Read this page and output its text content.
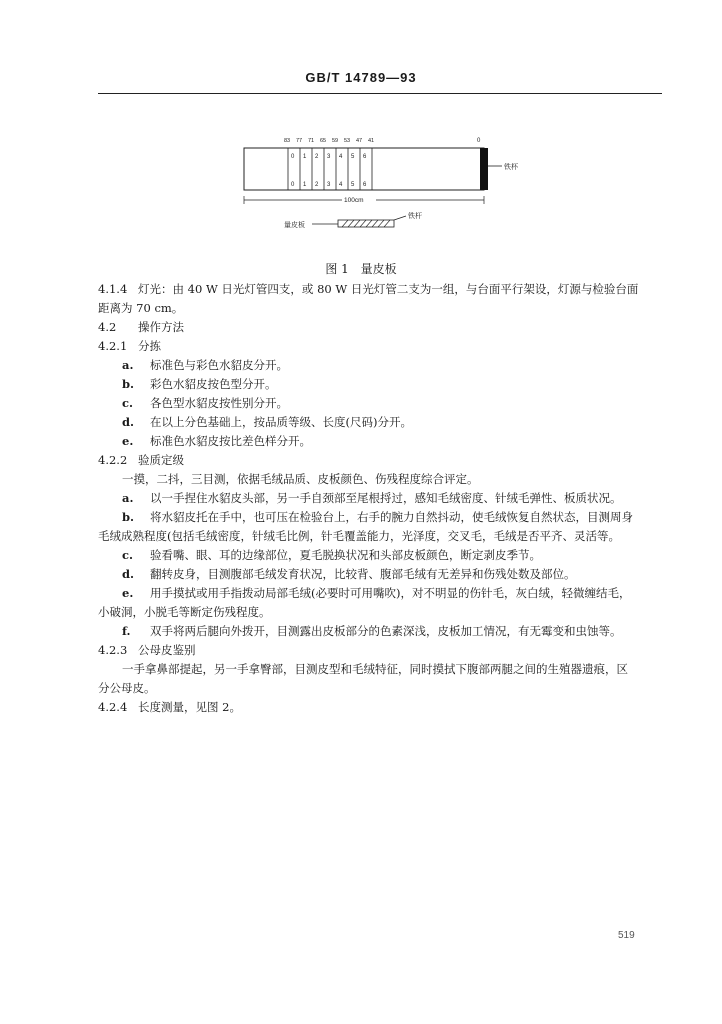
GB/T 14789—93
83 77 71 65 59 53 47 41	0
0 1 2 3 4 5 6
0 1 2 3 4 5 6
铁杯
100cm
量皮板
铁杆
图 1 量皮板

4.1.4 灯光：由 40 W 日光灯管四支，或 80 W 日光灯管二支为一组，与台面平行架设，灯源与检验台面

距离为 70 cm。

4.2 操作方法

4.2.1 分拣

a. 标准色与彩色水貂皮分开。

b. 彩色水貂皮按色型分开。

c. 各色型水貂皮按性别分开。

d. 在以上分色基础上，按品质等级、长度(尺码)分开。

e. 标准色水貂皮按比差色样分开。

4.2.2 验质定级

一摸，二抖，三目测，依据毛绒品质、皮板颜色、伤残程度综合评定。

a. 以一手捏住水貂皮头部，另一手自颈部至尾根捋过，感知毛绒密度、针绒毛弹性、板质状况。

b. 将水貂皮托在手中，也可压在检验台上，右手的腕力自然抖动，使毛绒恢复自然状态，目测周身

毛绒成熟程度(包括毛绒密度，针绒毛比例，针毛覆盖能力，光泽度，交叉毛，毛绒是否平齐、灵活等。

c. 验看嘴、眼、耳的边缘部位，夏毛脱换状况和头部皮板颜色，断定剥皮季节。

d. 翻转皮身，目测腹部毛绒发育状况，比较背、腹部毛绒有无差异和伤残处数及部位。

e. 用手摸拭或用手指拨动局部毛绒(必要时可用嘴吹)，对不明显的伤针毛，灰白绒，轻微缠结毛，

小破洞，小脱毛等断定伤残程度。

f. 双手将两后腿向外拨开，目测露出皮板部分的色素深浅，皮板加工情况，有无霉变和虫蚀等。

4.2.3 公母皮鉴别

一手拿鼻部提起，另一手拿臀部，目测皮型和毛绒特征，同时摸拭下腹部两腿之间的生殖器遗痕，区

分公母皮。

4.2.4 长度测量，见图 2。

519
